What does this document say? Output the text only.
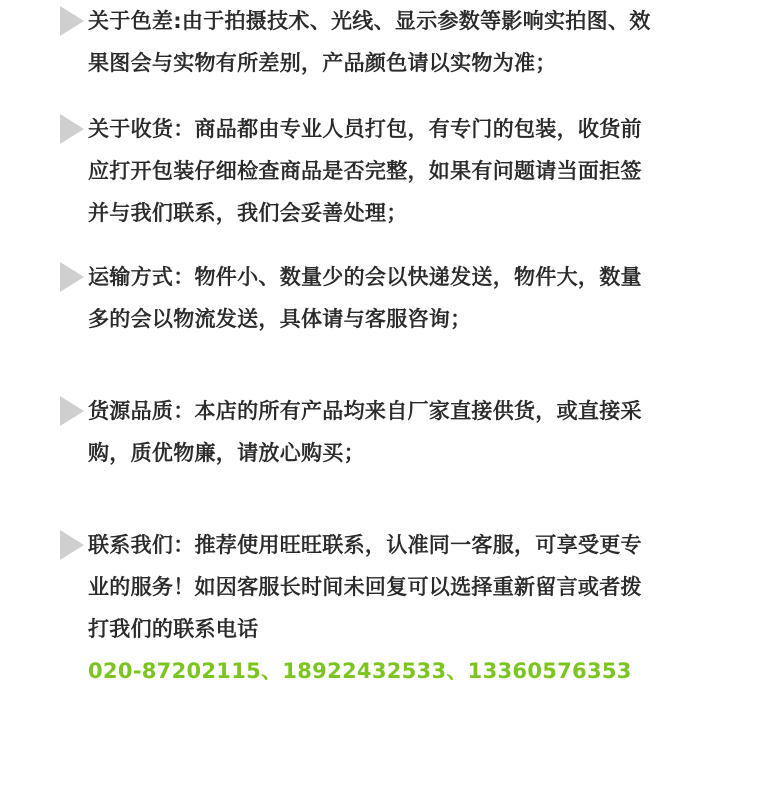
关于色差:由于拍摄技术、光线、显示参数等影响实拍图、效
果图会与实物有所差别，产品颜色请以实物为准；
关于收货：商品都由专业人员打包，有专门的包装，收货前
应打开包装仔细检查商品是否完整，如果有问题请当面拒签
并与我们联系，我们会妥善处理；
运输方式：物件小、数量少的会以快递发送，物件大，数量
多的会以物流发送，具体请与客服咨询；
货源品质：本店的所有产品均来自厂家直接供货，或直接采
购，质优物廉，请放心购买；
联系我们：推荐使用旺旺联系，认准同一客服，可享受更专
业的服务！如因客服长时间未回复可以选择重新留言或者拨
打我们的联系电话
020-87202115、18922432533、13360576353
